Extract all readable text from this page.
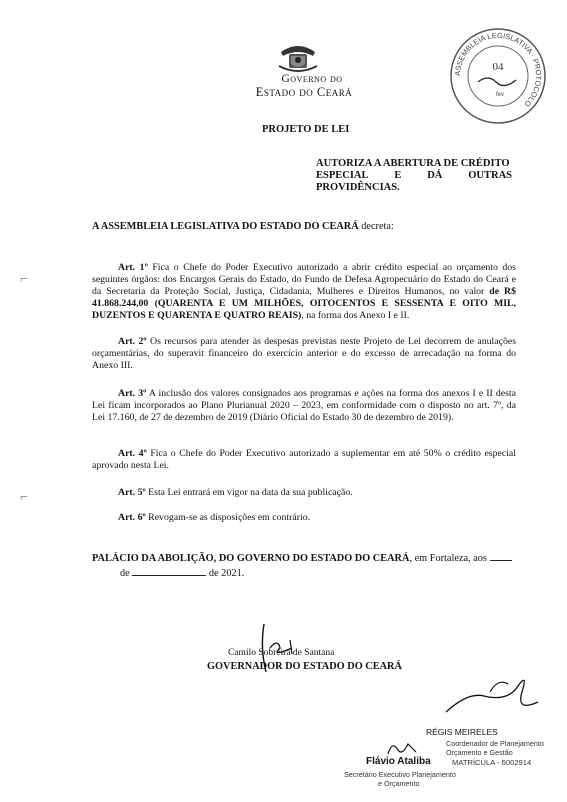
Governo do
Estado do Ceará
ASSEMBLEIA LEGISLATIVA · PROTOCOLO
04
fev
PROJETO DE LEI
AUTORIZA A ABERTURA DE CRÉDITO
ESPECIAL E DÁ OUTRAS
PROVIDÊNCIAS.
A ASSEMBLEIA LEGISLATIVA DO ESTADO DO CEARÁ decreta:
Art. 1º Fica o Chefe do Poder Executivo autorizado a abrir crédito especial ao orçamento dos seguintes órgãos: dos Encargos Gerais do Estado, do Fundo de Defesa Agropecuário do Estado do Ceará e da Secretaria da Proteção Social, Justiça, Cidadania, Mulheres e Direitos Humanos, no valor de R$ 41.868.244,00 (QUARENTA E UM MILHÕES, OITOCENTOS E SESSENTA E OITO MIL, DUZENTOS E QUARENTA E QUATRO REAIS), na forma dos Anexo I e II.
Art. 2º Os recursos para atender às despesas previstas neste Projeto de Lei decorrem de anulações orçamentárias, do superavit financeiro do exercício anterior e do excesso de arrecadação na forma do Anexo III.
Art. 3º A inclusão dos valores consignados aos programas e ações na forma dos anexos I e II desta Lei ficam incorporados ao Plano Plurianual 2020 – 2023, em conformidade com o disposto no art. 7º, da Lei 17.160, de 27 de dezembro de 2019 (Diário Oficial do Estado 30 de dezembro de 2019).
Art. 4º Fica o Chefe do Poder Executivo autorizado a suplementar em até 50% o crédito especial aprovado nesta Lei.
Art. 5º Esta Lei entrará em vigor na data da sua publicação.
Art. 6º Revogam-se as disposições em contrário.
PALÁCIO DA ABOLIÇÃO, DO GOVERNO DO ESTADO DO CEARÁ, em Fortaleza, aos
de	de 2021.
Camilo Sobreira de Santana
GOVERNADOR DO ESTADO DO CEARÁ
⌐
⌐
RÉGIS MEIRELES
Coordenador de Planejamento
Orçamento e Gestão
MATRÍCULA - 6002914
Flávio Ataliba
Secretário Executivo Planejamento
e Orçamento
